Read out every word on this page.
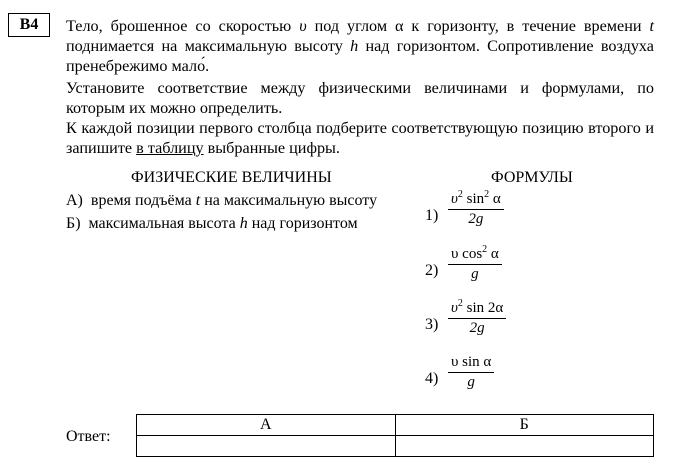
B4	Тело, брошенное со скоростью υ под углом α к горизонту, в течение времени t поднимается на максимальную высоту h над горизонтом. Сопротивление воздуха пренебрежимо мало́.
Установите соответствие между физическими величинами и формулами, по которым их можно определить.
К каждой позиции первого столбца подберите соответствующую позицию второго и запишите в таблицу выбранные цифры.
ФИЗИЧЕСКИЕ ВЕЛИЧИНЫ	ФОРМУЛЫ
А) время подъёма t на максимальную высоту
Б) максимальная высота h над горизонтом	1)
$\upsilon^2$ $\sin^2 \alpha$
2g
2)
υ $\cos^2 \alpha$
g
3)
$\upsilon^2$ sin 2α
2g
4)
υ sin α
g
Ответ:
А	Б
